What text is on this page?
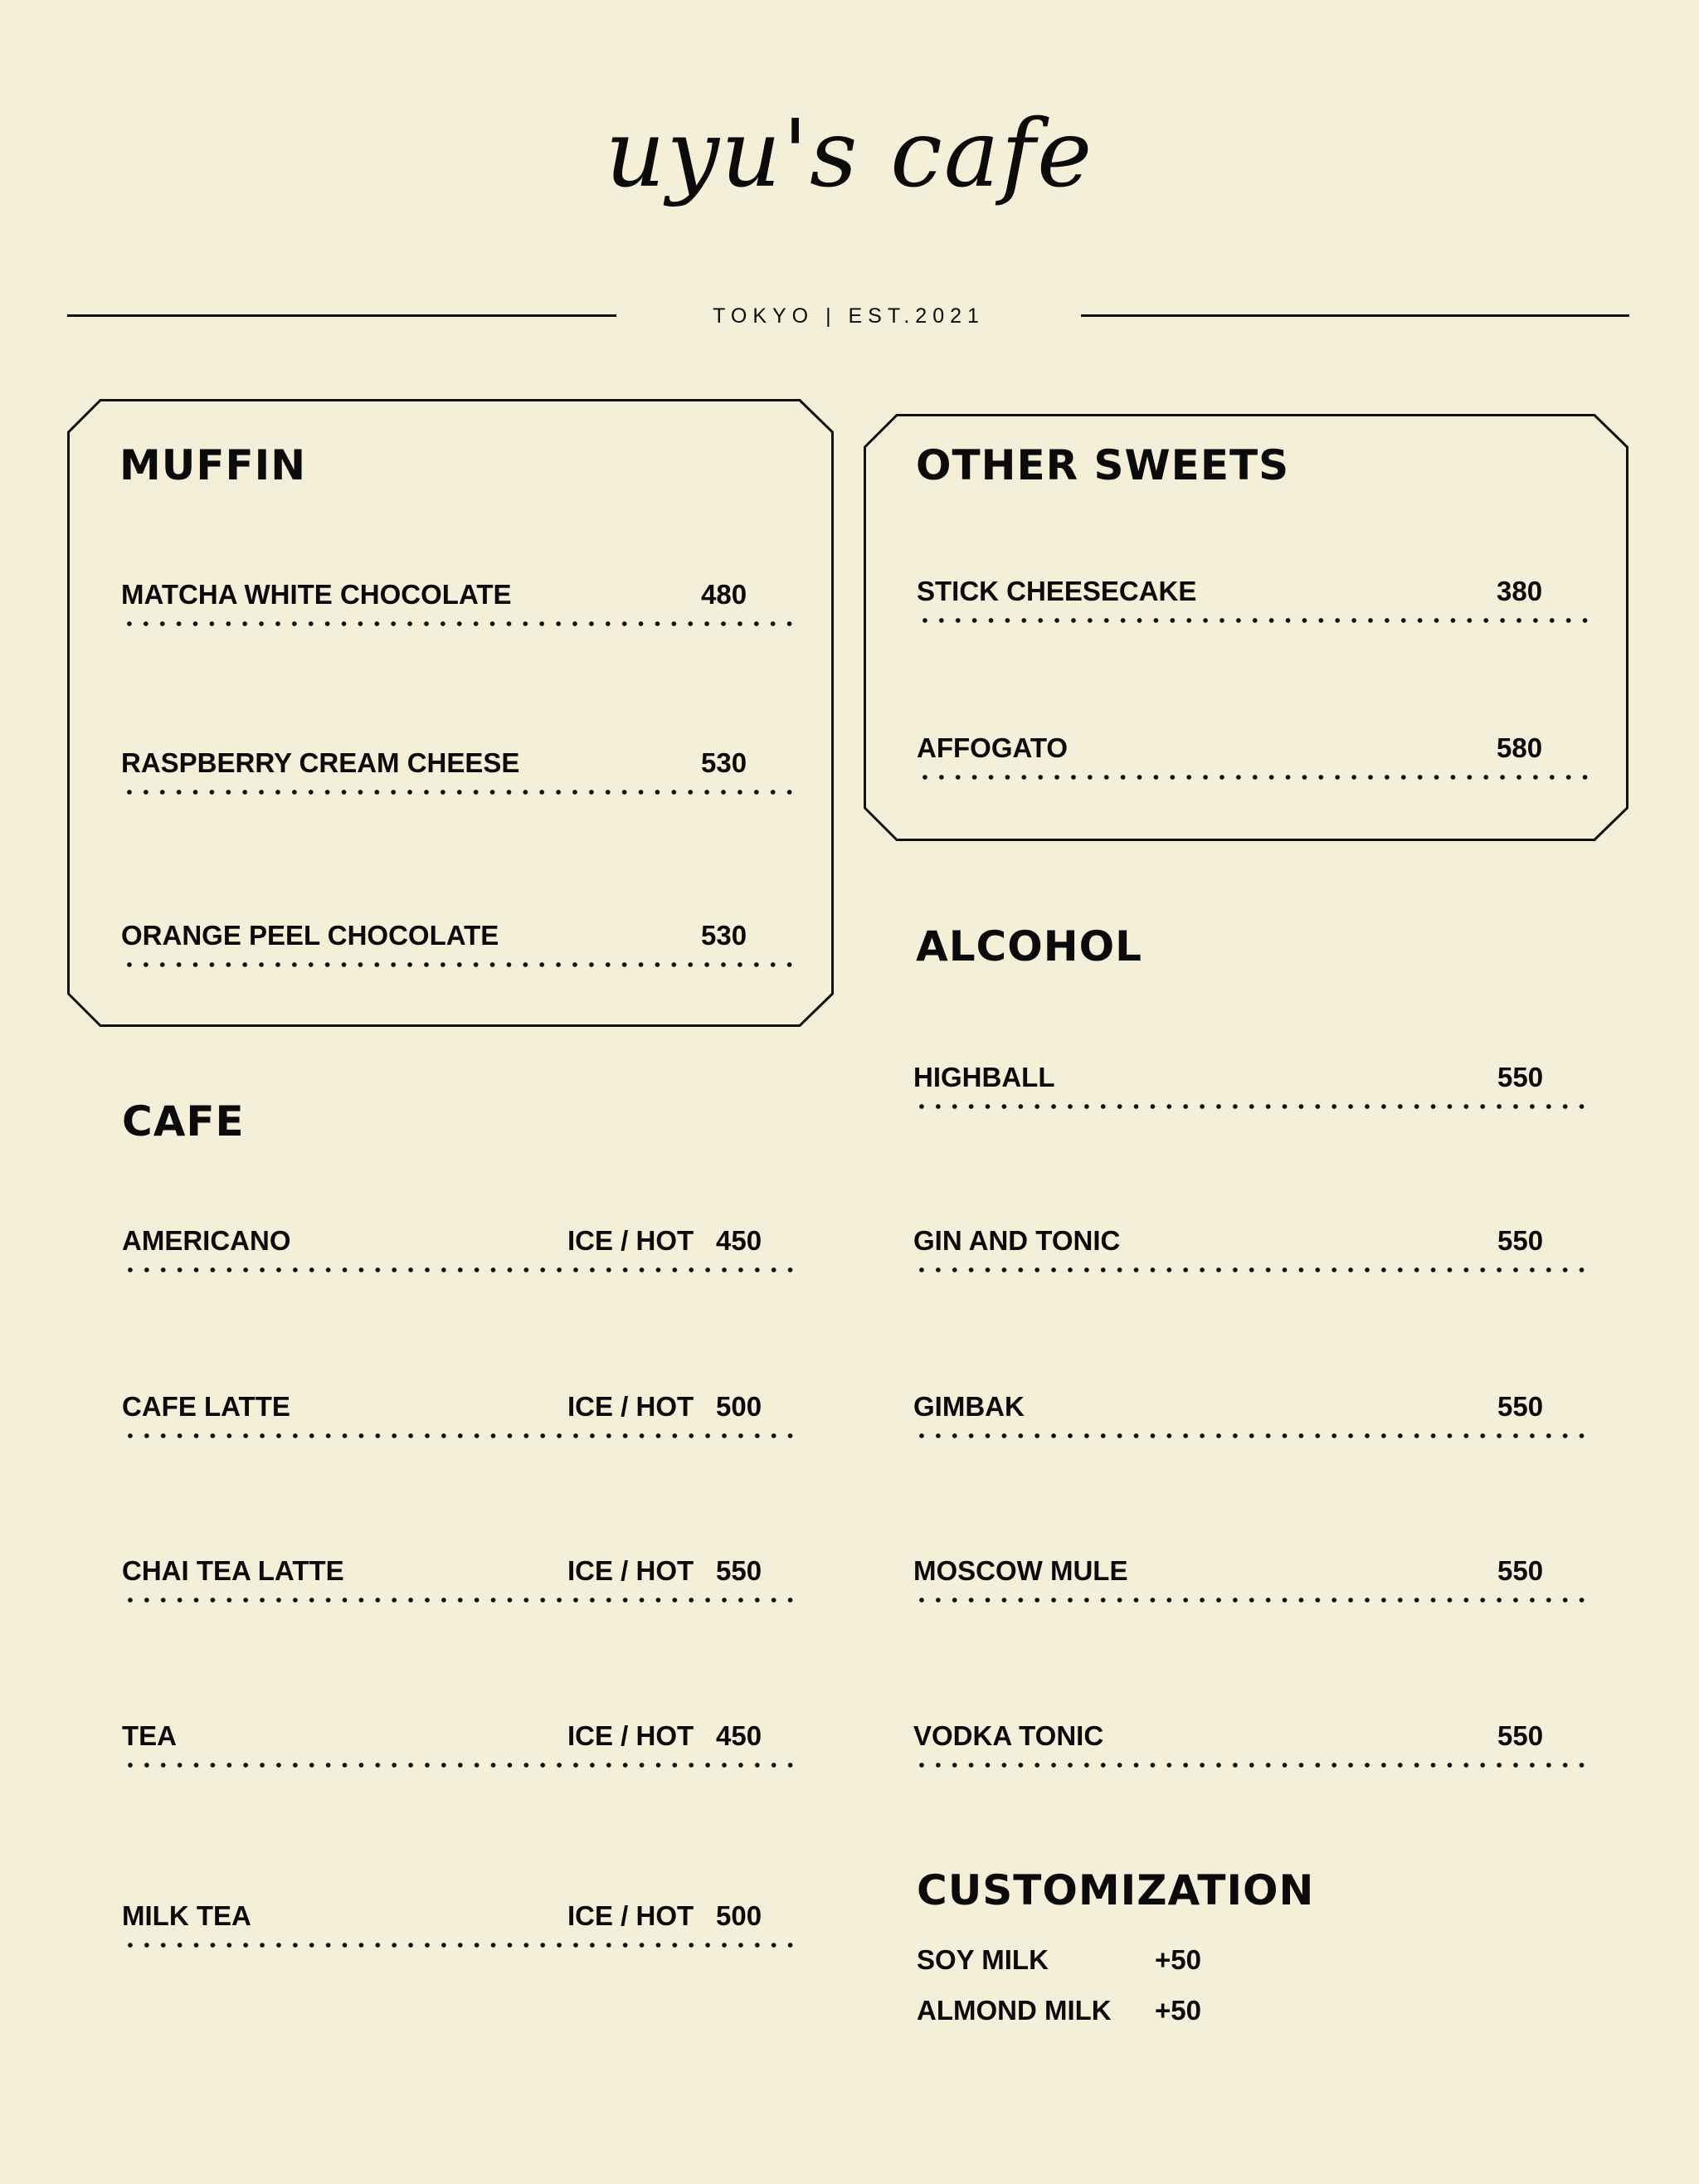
uyu's cafe
TOKYO | EST.2021
MUFFIN
MATCHA WHITE CHOCOLATE	480
RASPBERRY CREAM CHEESE	530
ORANGE PEEL CHOCOLATE	530
OTHER SWEETS
STICK CHEESECAKE	380
AFFOGATO	580
CAFE
AMERICANO	ICE / HOT 450
CAFE LATTE	ICE / HOT 500
CHAI TEA LATTE	ICE / HOT 550
TEA	ICE / HOT 450
MILK TEA	ICE / HOT 500
ALCOHOL
HIGHBALL	550
GIN AND TONIC	550
GIMBAK	550
MOSCOW MULE	550
VODKA TONIC	550
CUSTOMIZATION
SOY MILK	+50
ALMOND MILK +50
